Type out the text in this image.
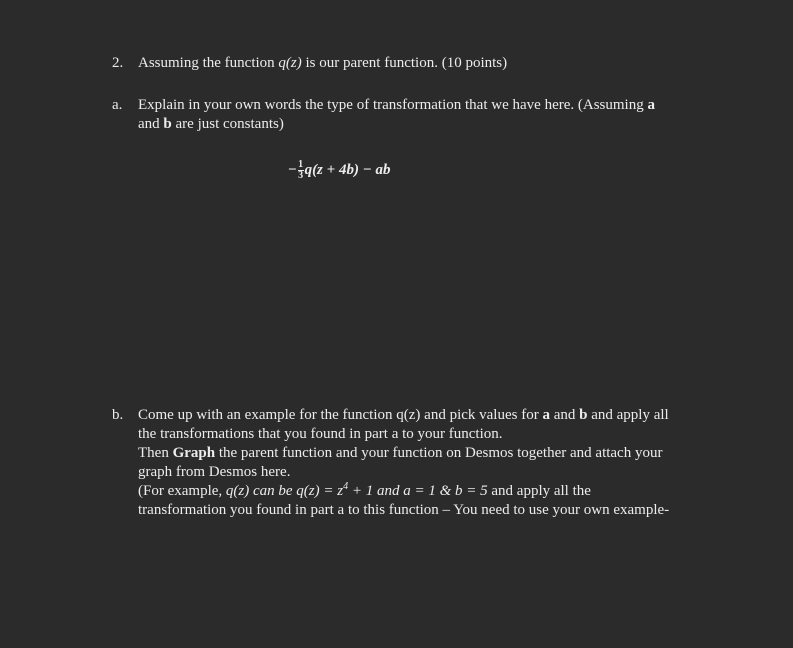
2. Assuming the function q(z) is our parent function. (10 points)
a. Explain in your own words the type of transformation that we have here. (Assuming a
and b are just constants)
− $\frac{1}{3} q(z + 4b)$ − ab
b. Come up with an example for the function q(z) and pick values for a and b and apply all
the transformations that you found in part a to your function.
Then Graph the parent function and your function on Desmos together and attach your
graph from Desmos here.
(For example, q(z) can be $q(z) = z^4 + 1$ and a = 1 & b = 5 and apply all the
transformation you found in part a to this function – You need to use your own example-
